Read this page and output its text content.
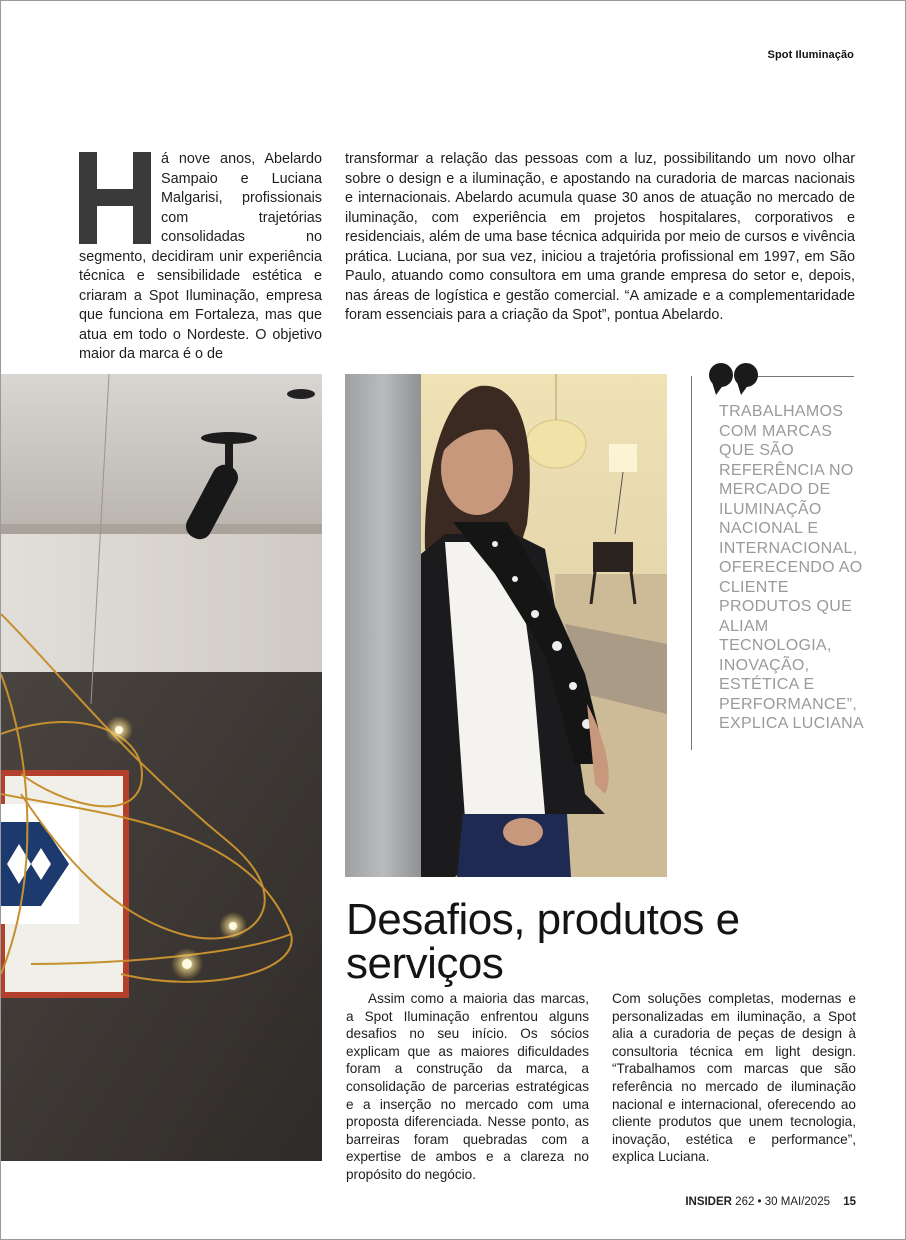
Spot Iluminação

á nove anos, Abelardo Sampaio e Luciana Malgarisi, profissionais com trajetórias consolidadas no segmento, decidiram unir experiência técnica e sensibilidade estética e criaram a Spot Iluminação, empresa que funciona em Fortaleza, mas que atua em todo o Nordeste. O objetivo maior da marca é o de

transformar a relação das pessoas com a luz, possibilitando um novo olhar sobre o design e a iluminação, e apostando na curadoria de marcas nacionais e internacionais. Abelardo acumula quase 30 anos de atuação no mercado de iluminação, com experiência em projetos hospitalares, corporativos e residenciais, além de uma base técnica adquirida por meio de cursos e vivência prática. Luciana, por sua vez, iniciou a trajetória profissional em 1997, em São Paulo, atuando como consultora em uma grande empresa do setor e, depois, nas áreas de logística e gestão comercial. “A amizade e a complementaridade foram essenciais para a criação da Spot”, pontua Abelardo.

TRABALHAMOS COM MARCAS QUE SÃO REFERÊNCIA NO MERCADO DE ILUMINAÇÃO NACIONAL E INTERNACIONAL, OFERECENDO AO CLIENTE PRODUTOS QUE ALIAM TECNOLOGIA, INOVAÇÃO, ESTÉTICA E PERFORMANCE”, EXPLICA LUCIANA
Desafios, produtos e serviços

Assim como a maioria das marcas, a Spot Iluminação enfrentou alguns desafios no seu início. Os sócios explicam que as maiores dificuldades foram a construção da marca, a consolidação de parcerias estratégicas e a inserção no mercado com uma proposta diferenciada. Nesse ponto, as barreiras foram quebradas com a expertise de ambos e a clareza no propósito do negócio.

Com soluções completas, modernas e personalizadas em iluminação, a Spot alia a curadoria de peças de design à consultoria técnica em light design. “Trabalhamos com marcas que são referência no mercado de iluminação nacional e internacional, oferecendo ao cliente produtos que unem tecnologia, inovação, estética e performance”, explica Luciana.

INSIDER 262 • 30 MAI/2025 15
